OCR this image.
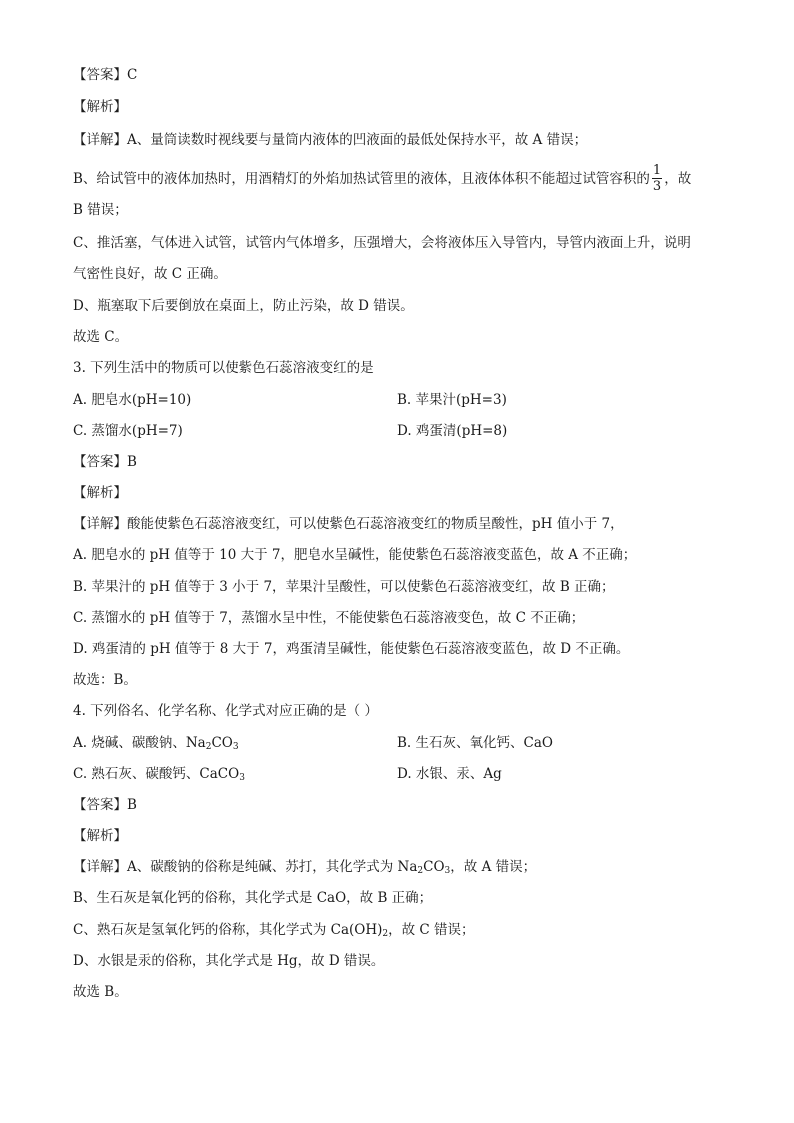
【答案】C
【解析】
【详解】A、量筒读数时视线要与量筒内液体的凹液面的最低处保持水平，故 A 错误；
B、给试管中的液体加热时，用酒精灯的外焰加热试管里的液体，且液体体积不能超过试管容积的 $\frac{1}{3}$ ，故
B 错误；
C、推活塞，气体进入试管，试管内气体增多，压强增大，会将液体压入导管内，导管内液面上升，说明
气密性良好，故 C 正确。
D、瓶塞取下后要倒放在桌面上，防止污染，故 D 错误。
故选 C。
3. 下列生活中的物质可以使紫色石蕊溶液变红的是
A. 肥皂水(pH=10)	B. 苹果汁(pH=3)
C. 蒸馏水(pH=7)	D. 鸡蛋清(pH=8)
【答案】B
【解析】
【详解】酸能使紫色石蕊溶液变红，可以使紫色石蕊溶液变红的物质呈酸性，pH 值小于 7，
A. 肥皂水的 pH 值等于 10 大于 7，肥皂水呈碱性，能使紫色石蕊溶液变蓝色，故 A 不正确；
B. 苹果汁的 pH 值等于 3 小于 7，苹果汁呈酸性，可以使紫色石蕊溶液变红，故 B 正确；
C. 蒸馏水的 pH 值等于 7，蒸馏水呈中性，不能使紫色石蕊溶液变色，故 C 不正确；
D. 鸡蛋清的 pH 值等于 8 大于 7，鸡蛋清呈碱性，能使紫色石蕊溶液变蓝色，故 D 不正确。
故选：B。
4. 下列俗名、化学名称、化学式对应正确的是（ ）
A. 烧碱、碳酸钠、$Na_2CO_3$	B. 生石灰、氧化钙、CaO
C. 熟石灰、碳酸钙、CaCO$_3$	D. 水银、汞、Ag
【答案】B
【解析】
【详解】A、碳酸钠的俗称是纯碱、苏打，其化学式为 $Na_2CO_3$，故 A 错误；
B、生石灰是氧化钙的俗称，其化学式是 CaO，故 B 正确；
C、熟石灰是氢氧化钙的俗称，其化学式为 $Ca(OH)_2$，故 C 错误；
D、水银是汞的俗称，其化学式是 Hg，故 D 错误。
故选 B。
